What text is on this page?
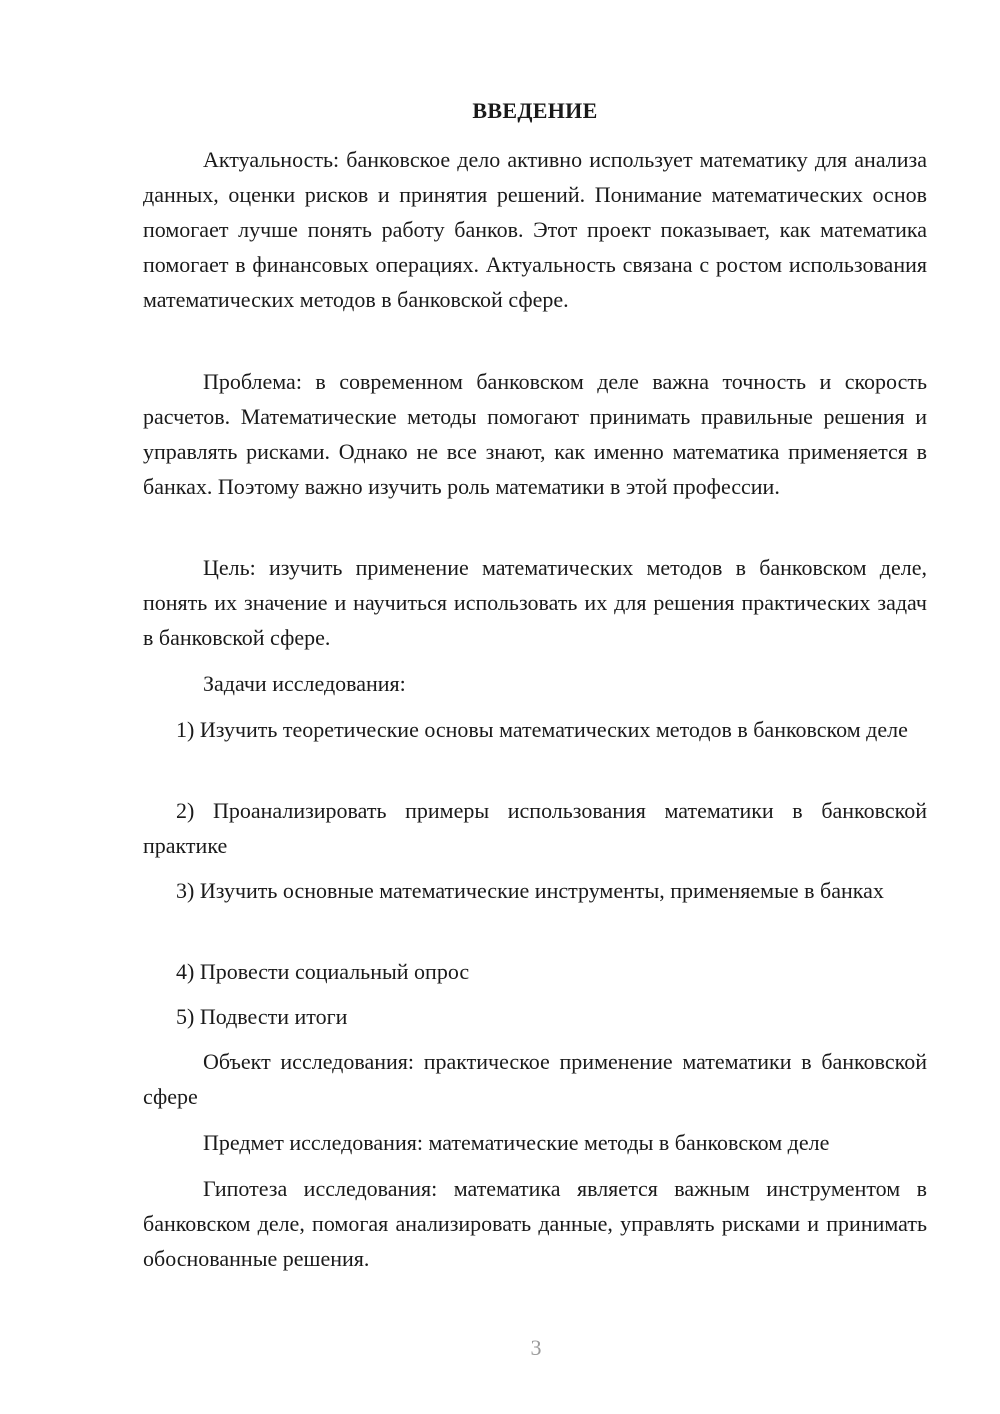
ВВЕДЕНИЕ
Актуальность: банковское дело активно использует математику для анализа данных, оценки рисков и принятия решений. Понимание математических основ помогает лучше понять работу банков. Этот проект показывает, как математика помогает в финансовых операциях. Актуальность связана с ростом использования математических методов в банковской сфере.
Проблема: в современном банковском деле важна точность и скорость расчетов. Математические методы помогают принимать правильные решения и управлять рисками. Однако не все знают, как именно математика применяется в банках. Поэтому важно изучить роль математики в этой профессии.
Цель: изучить применение математических методов в банковском деле, понять их значение и научиться использовать их для решения практических задач в банковской сфере.
Задачи исследования:
1) Изучить теоретические основы математических методов в банковском деле
2) Проанализировать примеры использования математики в банковской практике
3) Изучить основные математические инструменты, применяемые в банках
4) Провести социальный опрос
5) Подвести итоги
Объект исследования: практическое применение математики в банковской сфере
Предмет исследования: математические методы в банковском деле
Гипотеза исследования: математика является важным инструментом в банковском деле, помогая анализировать данные, управлять рисками и принимать обоснованные решения.
3
